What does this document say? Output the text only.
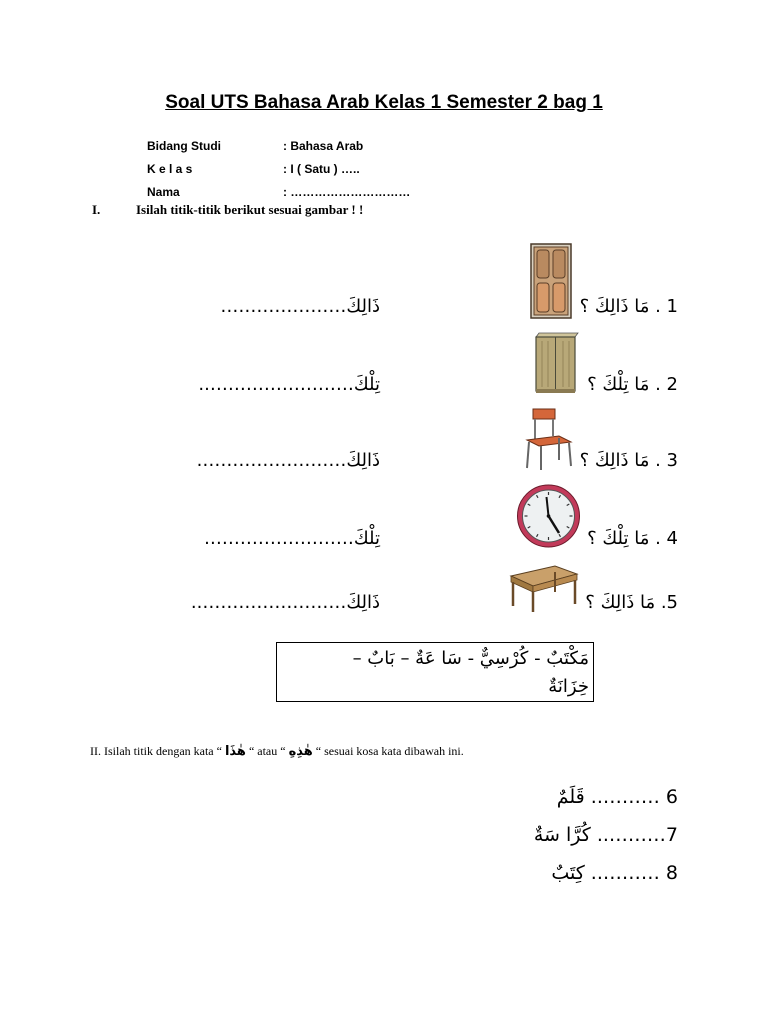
Soal UTS Bahasa Arab Kelas 1 Semester 2 bag 1
Bidang Studi	: Bahasa Arab
K e l a s	: I ( Satu ) …..
Nama	: …………………………
I.	Isilah titik-titik berikut sesuai gambar ! !
ذَالِكَ…………………	1 . مَا ذَالِكَ ؟
تِلْكَ……………………..	2 . مَا تِلْكَ ؟
ذَالِكَ…………………….	3 . مَا ذَالِكَ ؟
تِلْكَ…………………….	4 . مَا تِلْكَ ؟
ذَالِكَ……………………..	5. مَا ذَالِكَ ؟
مَكْتَبٌ - كُرْسِيٌّ - سَا عَةٌ – بَابٌ –
خِزَانَةٌ
II. Isilah titik dengan kata “ هٰذَا “ atau “ هٰذِهِ “ sesuai kosa kata dibawah ini.
6 ……….. قَلَمٌ
7……….. كُرَّا سَةٌ
8 ……….. كِتَبٌ
